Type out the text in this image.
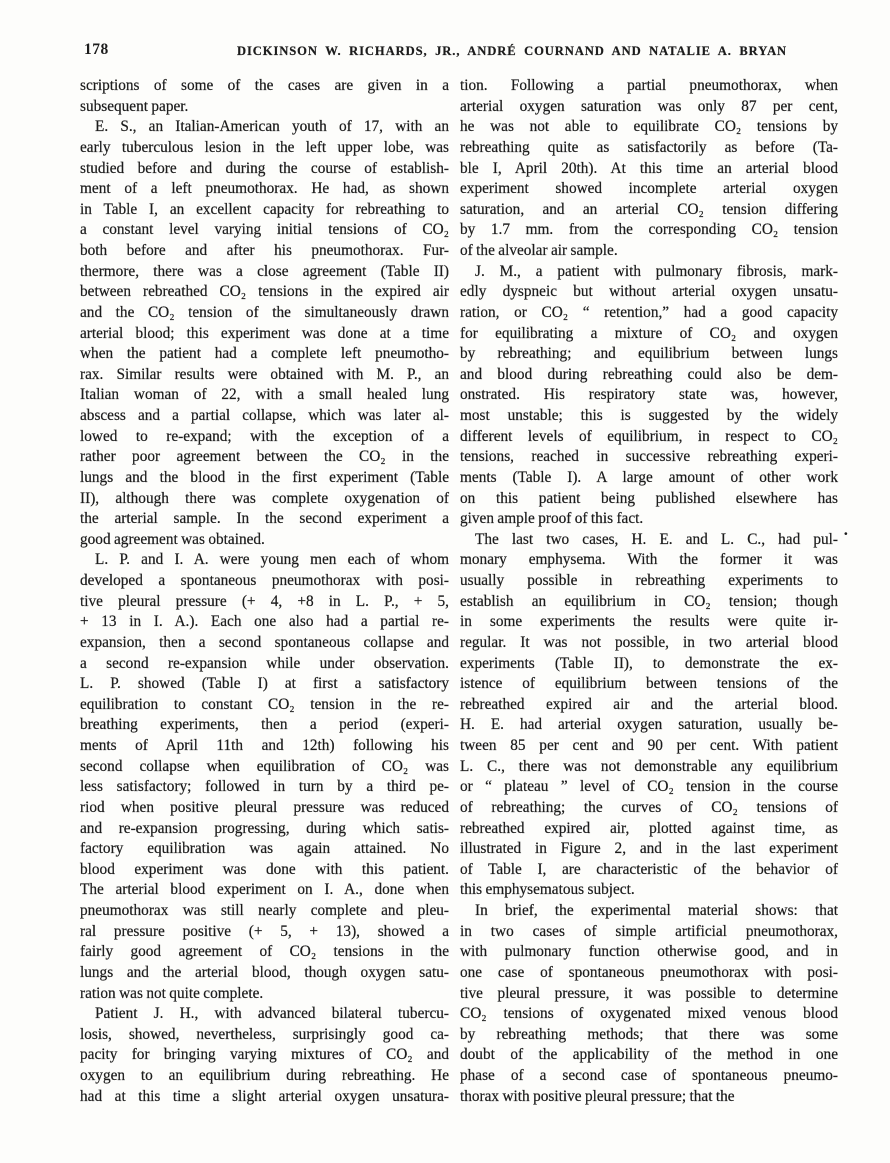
178	DICKINSON W. RICHARDS, JR., ANDRÉ COURNAND AND NATALIE A. BRYAN
scriptions of some of the cases are given in a
subsequent paper.
E. S., an Italian-American youth of 17, with an
early tuberculous lesion in the left upper lobe, was
studied before and during the course of establish-
ment of a left pneumothorax. He had, as shown
in Table I, an excellent capacity for rebreathing to
a constant level varying initial tensions of CO₂
both before and after his pneumothorax. Fur-
thermore, there was a close agreement (Table II)
between rebreathed CO₂ tensions in the expired air
and the CO₂ tension of the simultaneously drawn
arterial blood; this experiment was done at a time
when the patient had a complete left pneumotho-
rax. Similar results were obtained with M. P., an
Italian woman of 22, with a small healed lung
abscess and a partial collapse, which was later al-
lowed to re-expand; with the exception of a
rather poor agreement between the CO₂ in the
lungs and the blood in the first experiment (Table
II), although there was complete oxygenation of
the arterial sample. In the second experiment a
good agreement was obtained.
L. P. and I. A. were young men each of whom
developed a spontaneous pneumothorax with posi-
tive pleural pressure (+ 4, +8 in L. P., + 5,
+ 13 in I. A.). Each one also had a partial re-
expansion, then a second spontaneous collapse and
a second re-expansion while under observation.
L. P. showed (Table I) at first a satisfactory
equilibration to constant CO₂ tension in the re-
breathing experiments, then a period (experi-
ments of April 11th and 12th) following his
second collapse when equilibration of CO₂ was
less satisfactory; followed in turn by a third pe-
riod when positive pleural pressure was reduced
and re-expansion progressing, during which satis-
factory equilibration was again attained. No
blood experiment was done with this patient.
The arterial blood experiment on I. A., done when
pneumothorax was still nearly complete and pleu-
ral pressure positive (+ 5, + 13), showed a
fairly good agreement of CO₂ tensions in the
lungs and the arterial blood, though oxygen satu-
ration was not quite complete.
Patient J. H., with advanced bilateral tubercu-
losis, showed, nevertheless, surprisingly good ca-
pacity for bringing varying mixtures of CO₂ and
oxygen to an equilibrium during rebreathing. He
had at this time a slight arterial oxygen unsatura-
tion. Following a partial pneumothorax, when
arterial oxygen saturation was only 87 per cent,
he was not able to equilibrate CO₂ tensions by
rebreathing quite as satisfactorily as before (Ta-
ble I, April 20th). At this time an arterial blood
experiment showed incomplete arterial oxygen
saturation, and an arterial CO₂ tension differing
by 1.7 mm. from the corresponding CO₂ tension
of the alveolar air sample.
J. M., a patient with pulmonary fibrosis, mark-
edly dyspneic but without arterial oxygen unsatu-
ration, or CO₂ “ retention,” had a good capacity
for equilibrating a mixture of CO₂ and oxygen
by rebreathing; and equilibrium between lungs
and blood during rebreathing could also be dem-
onstrated. His respiratory state was, however,
most unstable; this is suggested by the widely
different levels of equilibrium, in respect to CO₂
tensions, reached in successive rebreathing experi-
ments (Table I). A large amount of other work
on this patient being published elsewhere has
given ample proof of this fact.
The last two cases, H. E. and L. C., had pul-
monary emphysema. With the former it was
usually possible in rebreathing experiments to
establish an equilibrium in CO₂ tension; though
in some experiments the results were quite ir-
regular. It was not possible, in two arterial blood
experiments (Table II), to demonstrate the ex-
istence of equilibrium between tensions of the
rebreathed expired air and the arterial blood.
H. E. had arterial oxygen saturation, usually be-
tween 85 per cent and 90 per cent. With patient
L. C., there was not demonstrable any equilibrium
or “ plateau ” level of CO₂ tension in the course
of rebreathing; the curves of CO₂ tensions of
rebreathed expired air, plotted against time, as
illustrated in Figure 2, and in the last experiment
of Table I, are characteristic of the behavior of
this emphysematous subject.
In brief, the experimental material shows: that
in two cases of simple artificial pneumothorax,
with pulmonary function otherwise good, and in
one case of spontaneous pneumothorax with posi-
tive pleural pressure, it was possible to determine
CO₂ tensions of oxygenated mixed venous blood
by rebreathing methods; that there was some
doubt of the applicability of the method in one
phase of a second case of spontaneous pneumo-
thorax with positive pleural pressure; that the
·
